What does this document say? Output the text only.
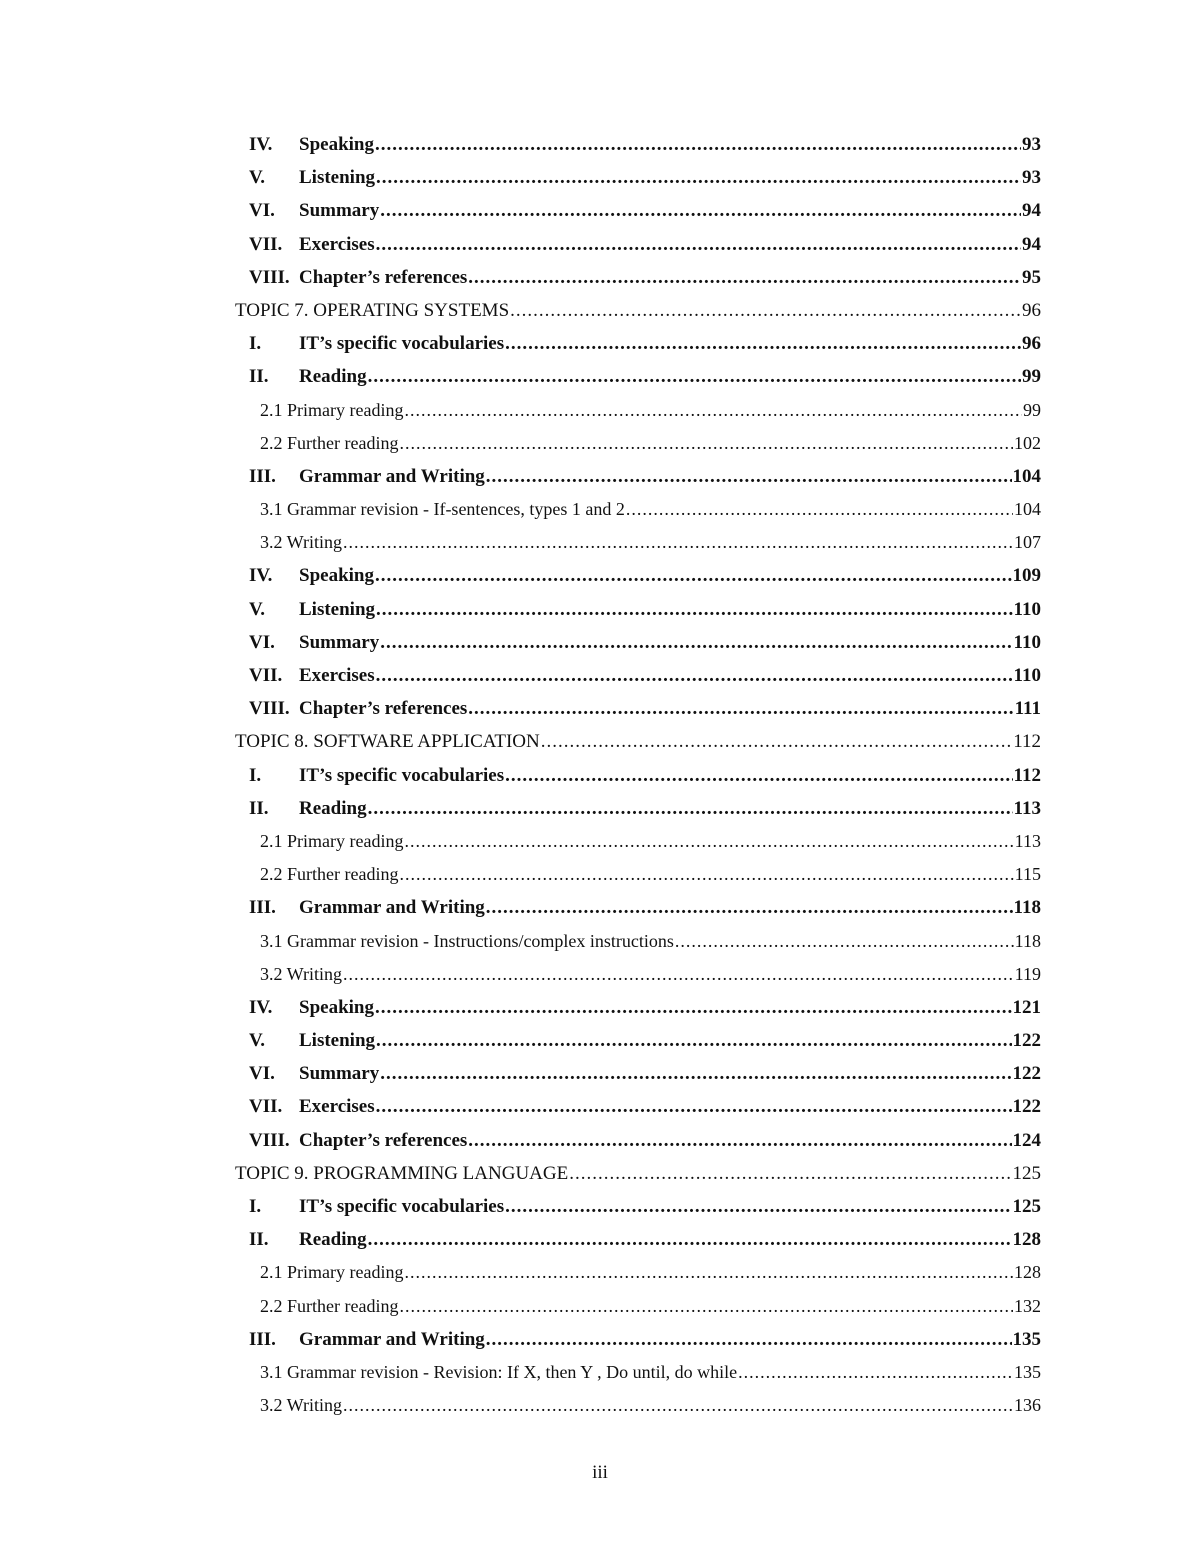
IV.	Speaking .....	93
V.	Listening .....	93
VI.	Summary .....	94
VII. Exercises .....	94
VIII. Chapter’s references .....	95
TOPIC 7. OPERATING SYSTEMS .....	96
I.	IT’s specific vocabularies .....	96
II.	Reading .....	99
2.1 Primary reading .....	99
2.2 Further reading .....	102
III.	Grammar and Writing .....	104
3.1 Grammar revision - If-sentences, types 1 and 2 .....	104
3.2 Writing .....	107
IV.	Speaking .....	109
V.	Listening .....	110
VI.	Summary .....	110
VII. Exercises .....	110
VIII. Chapter’s references .....	111
TOPIC 8. SOFTWARE APPLICATION .....	112
I.	IT’s specific vocabularies .....	112
II.	Reading .....	113
2.1 Primary reading .....	113
2.2 Further reading .....	115
III.	Grammar and Writing .....	118
3.1 Grammar revision - Instructions/complex instructions .....	118
3.2 Writing .....	119
IV.	Speaking .....	121
V.	Listening .....	122
VI.	Summary .....	122
VII. Exercises .....	122
VIII. Chapter’s references .....	124
TOPIC 9. PROGRAMMING LANGUAGE .....	125
I.	IT’s specific vocabularies .....	125
II.	Reading .....	128
2.1 Primary reading .....	128
2.2 Further reading .....	132
III.	Grammar and Writing .....	135
3.1 Grammar revision - Revision: If X, then Y , Do until, do while .....	135
3.2 Writing .....	136
iii
